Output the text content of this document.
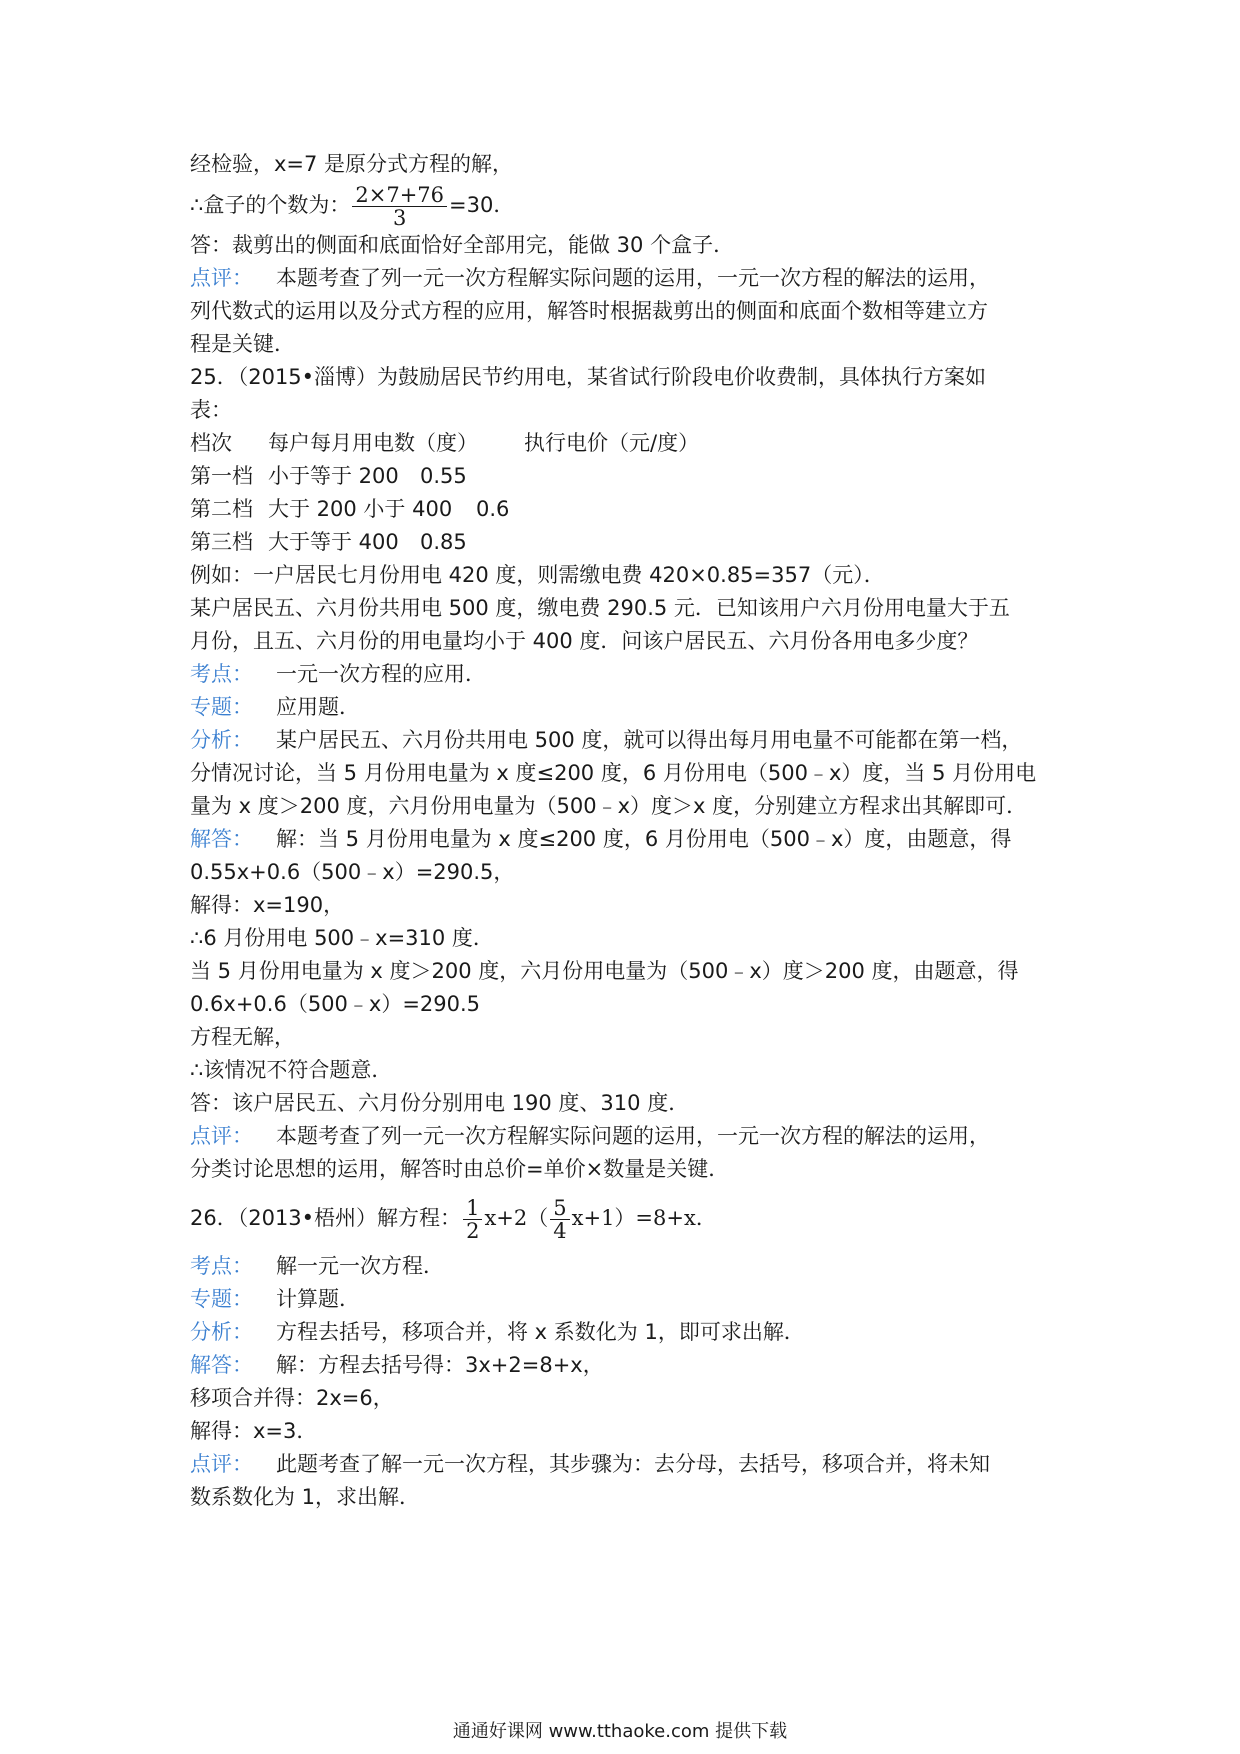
经检验，x=7 是原分式方程的解，
∴盒子的个数为： $\frac{2\times 7+76}{3} =30$．
答：裁剪出的侧面和底面恰好全部用完，能做 30 个盒子．
点评： 本题考查了列一元一次方程解实际问题的运用，一元一次方程的解法的运用，
列代数式的运用以及分式方程的应用，解答时根据裁剪出的侧面和底面个数相等建立方
程是关键．
25．（2015•淄博）为鼓励居民节约用电，某省试行阶段电价收费制，具体执行方案如
表：
档次 每户每月用电数（度） 执行电价（元/度）
第一档 小于等于 200 0.55
第二档 大于 200 小于 400 0.6
第三档 大于等于 400 0.85
例如：一户居民七月份用电 420 度，则需缴电费 420×0.85=357（元）．
某户居民五、六月份共用电 500 度，缴电费 290.5 元．已知该用户六月份用电量大于五
月份，且五、六月份的用电量均小于 400 度．问该户居民五、六月份各用电多少度？
考点： 一元一次方程的应用．
专题： 应用题．
分析： 某户居民五、六月份共用电 500 度，就可以得出每月用电量不可能都在第一档，
分情况讨论，当 5 月份用电量为 x 度≤200 度，6 月份用电（500﹣x）度，当 5 月份用电
量为 x 度＞200 度，六月份用电量为（500﹣x）度＞x 度，分别建立方程求出其解即可．
解答： 解：当 5 月份用电量为 x 度≤200 度，6 月份用电（500﹣x）度，由题意，得
0.55x+0.6（500﹣x）=290.5，
解得：x=190，
∴6 月份用电 500﹣x=310 度．
当 5 月份用电量为 x 度＞200 度，六月份用电量为（500﹣x）度＞200 度，由题意，得
0.6x+0.6（500﹣x）=290.5
方程无解，
∴该情况不符合题意．
答：该户居民五、六月份分别用电 190 度、310 度．
点评： 本题考查了列一元一次方程解实际问题的运用，一元一次方程的解法的运用，
分类讨论思想的运用，解答时由总价=单价×数量是关键．
26．（2013•梧州）解方程： $\frac{1}{2} x+2( \frac{5}{4} x+1)=8+x$．
考点： 解一元一次方程．
专题： 计算题．
分析： 方程去括号，移项合并，将 x 系数化为 1，即可求出解．
解答： 解：方程去括号得：3x+2=8+x，
移项合并得：2x=6，
解得：x=3．
点评： 此题考查了解一元一次方程，其步骤为：去分母，去括号，移项合并，将未知
数系数化为 1，求出解．
通通好课网 www.tthaoke.com 提供下载
